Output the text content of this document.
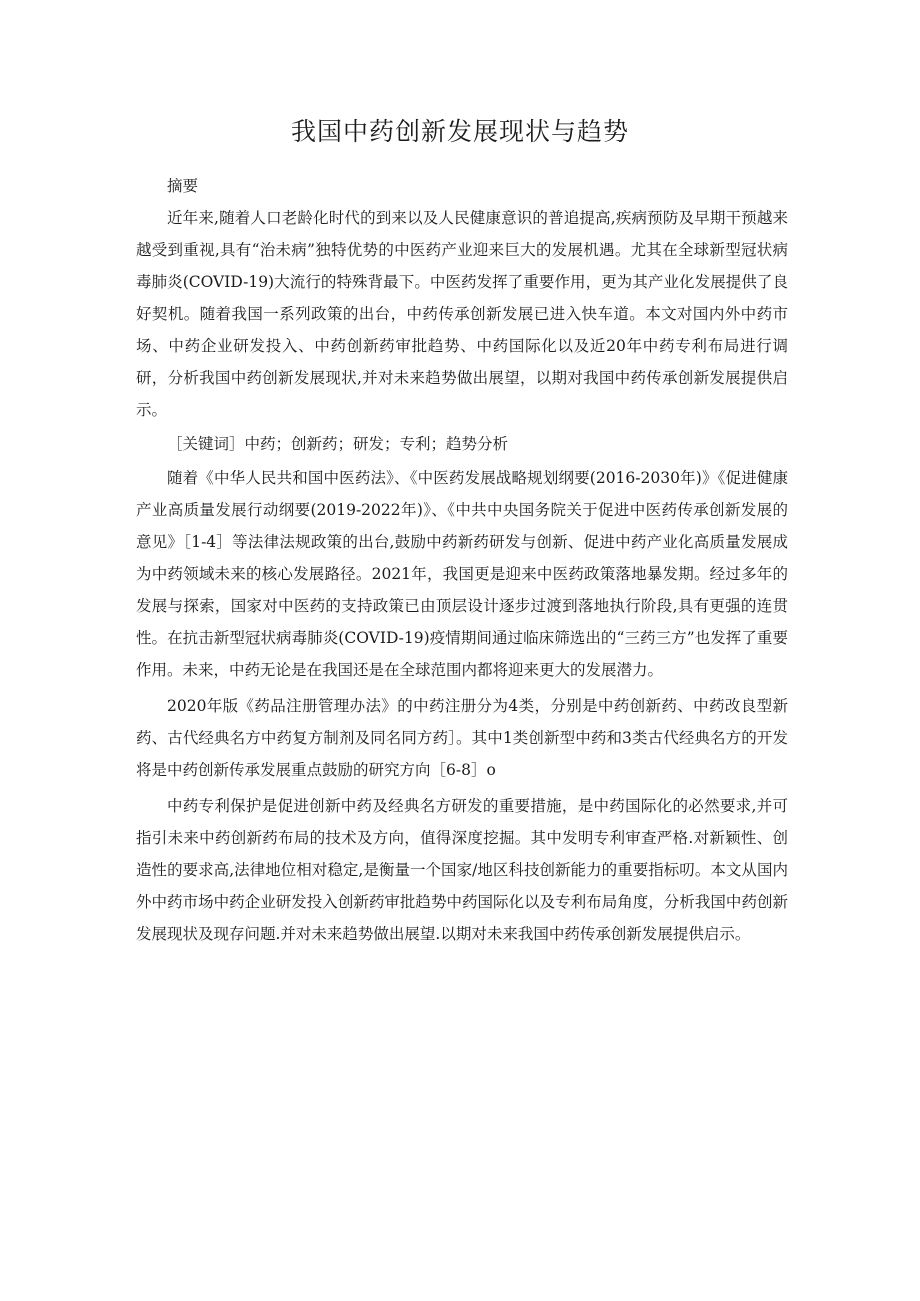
我国中药创新发展现状与趋势

摘要

近年来,随着人口老龄化时代的到来以及人民健康意识的普追提高,疾病预防及早期干预越来越受到重视,具有“治未病”独特优势的中医药产业迎来巨大的发展机遇。尤其在全球新型冠状病毒肺炎(COVID-19)大流行的特殊背最下。中医药发挥了重要作用，更为其产业化发展提供了良好契机。随着我国一系列政策的出台，中药传承创新发展已进入快车道。本文对国内外中药市场、中药企业研发投入、中药创新药审批趋势、中药国际化以及近20年中药专利布局进行调研，分析我国中药创新发展现状,并对未来趋势做出展望，以期对我国中药传承创新发展提供启示。

［关键词］中药；创新药；研发；专利；趋势分析

随着《中华人民共和国中医药法》、《中医药发展战略规划纲要(2016-2030年)》《促进健康产业高质量发展行动纲要(2019-2022年)》、《中共中央国务院关于促进中医药传承创新发展的意见》［1-4］等法律法规政策的出台,鼓励中药新药研发与创新、促进中药产业化高质量发展成为中药领域未来的核心发展路径。2021年，我国更是迎来中医药政策落地暴发期。经过多年的发展与探索，国家对中医药的支持政策已由顶层设计逐步过渡到落地执行阶段,具有更强的连贯性。在抗击新型冠状病毒肺炎(COVID-19)疫情期间通过临床筛选出的“三药三方”也发挥了重要作用。未来，中药无论是在我国还是在全球范围内都将迎来更大的发展潜力。

2020年版《药品注册管理办法》的中药注册分为4类，分别是中药创新药、中药改良型新药、古代经典名方中药复方制剂及同名同方药］。其中1类创新型中药和3类古代经典名方的开发将是中药创新传承发展重点鼓励的研究方向［6-8］o

中药专利保护是促进创新中药及经典名方研发的重要措施，是中药国际化的必然要求,并可指引未来中药创新药布局的技术及方向，值得深度挖掘。其中发明专利审查严格.对新颖性、创造性的要求高,法律地位相对稳定,是衡量一个国家/地区科技创新能力的重要指标叨。本文从国内外中药市场中药企业研发投入创新药审批趋势中药国际化以及专利布局角度，分析我国中药创新发展现状及现存问题.并对未来趋势做出展望.以期对未来我国中药传承创新发展提供启示。
